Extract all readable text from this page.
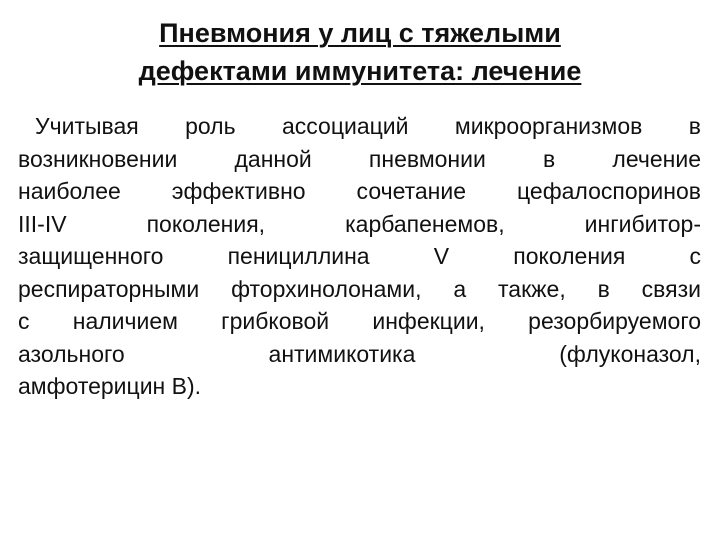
Пневмония у лиц с тяжелыми
дефектами иммунитета: лечение
Учитывая роль ассоциаций микроорганизмов в
возникновении данной пневмонии в лечение
наиболее эффективно сочетание цефалоспоринов
III-IV поколения, карбапенемов, ингибитор-
защищенного пенициллина V поколения с
респираторными фторхинолонами, а также, в связи
с наличием грибковой инфекции, резорбируемого
азольного антимикотика (флуконазол,
амфотерицин В).
